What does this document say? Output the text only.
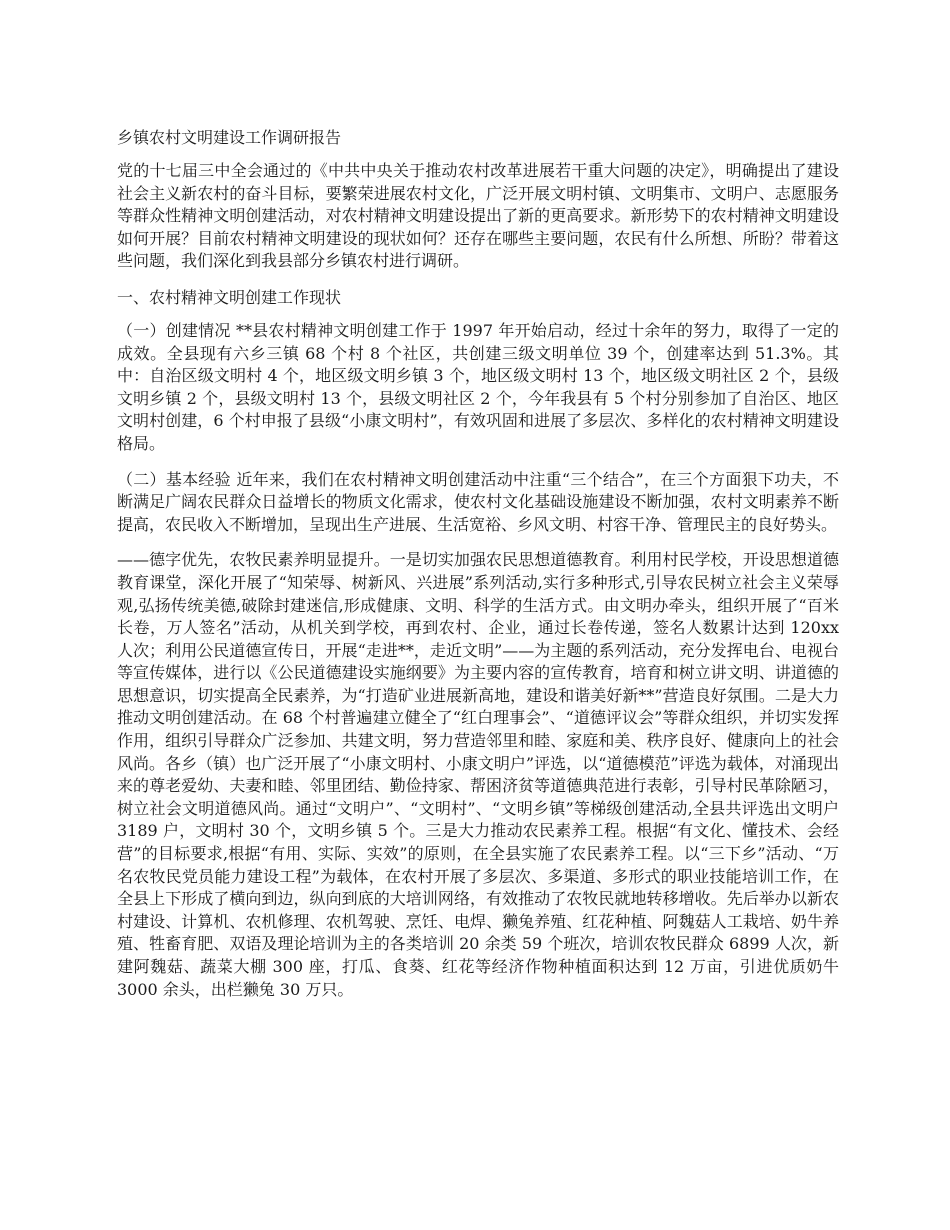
乡镇农村文明建设工作调研报告

党的十七届三中全会通过的《中共中央关于推动农村改革进展若干重大问题的决定》，明确提出了建设社会主义新农村的奋斗目标，要繁荣进展农村文化，广泛开展文明村镇、文明集市、文明户、志愿服务等群众性精神文明创建活动，对农村精神文明建设提出了新的更高要求。新形势下的农村精神文明建设如何开展？目前农村精神文明建设的现状如何？还存在哪些主要问题，农民有什么所想、所盼？带着这些问题，我们深化到我县部分乡镇农村进行调研。

一、农村精神文明创建工作现状

（一）创建情况 **县农村精神文明创建工作于 1997 年开始启动，经过十余年的努力，取得了一定的成效。全县现有六乡三镇 68 个村 8 个社区，共创建三级文明单位 39 个，创建率达到 51.3%。其中：自治区级文明村 4 个，地区级文明乡镇 3 个，地区级文明村 13 个，地区级文明社区 2 个，县级文明乡镇 2 个，县级文明村 13 个，县级文明社区 2 个，今年我县有 5 个村分别参加了自治区、地区文明村创建，6 个村申报了县级“小康文明村”，有效巩固和进展了多层次、多样化的农村精神文明建设格局。

（二）基本经验 近年来，我们在农村精神文明创建活动中注重“三个结合”，在三个方面狠下功夫，不断满足广阔农民群众日益增长的物质文化需求，使农村文化基础设施建设不断加强，农村文明素养不断提高，农民收入不断增加，呈现出生产进展、生活宽裕、乡风文明、村容干净、管理民主的良好势头。

——德字优先，农牧民素养明显提升。一是切实加强农民思想道德教育。利用村民学校，开设思想道德教育课堂，深化开展了“知荣辱、树新风、兴进展”系列活动,实行多种形式,引导农民树立社会主义荣辱观,弘扬传统美德,破除封建迷信,形成健康、文明、科学的生活方式。由文明办牵头，组织开展了“百米长卷，万人签名”活动，从机关到学校，再到农村、企业，通过长卷传递，签名人数累计达到 120xx 人次；利用公民道德宣传日，开展“走进**，走近文明”——为主题的系列活动，充分发挥电台、电视台等宣传媒体，进行以《公民道德建设实施纲要》为主要内容的宣传教育，培育和树立讲文明、讲道德的思想意识，切实提高全民素养，为“打造矿业进展新高地，建设和谐美好新**”营造良好氛围。二是大力推动文明创建活动。在 68 个村普遍建立健全了“红白理事会”、“道德评议会”等群众组织，并切实发挥作用，组织引导群众广泛参加、共建文明，努力营造邻里和睦、家庭和美、秩序良好、健康向上的社会风尚。各乡（镇）也广泛开展了“小康文明村、小康文明户”评选，以“道德模范”评选为载体，对涌现出来的尊老爱幼、夫妻和睦、邻里团结、勤俭持家、帮困济贫等道德典范进行表彰，引导村民革除陋习，树立社会文明道德风尚。通过“文明户”、“文明村”、“文明乡镇”等梯级创建活动,全县共评选出文明户 3189 户，文明村 30 个，文明乡镇 5 个。三是大力推动农民素养工程。根据“有文化、懂技术、会经营”的目标要求,根据“有用、实际、实效”的原则，在全县实施了农民素养工程。以“三下乡”活动、“万名农牧民党员能力建设工程”为载体，在农村开展了多层次、多渠道、多形式的职业技能培训工作，在全县上下形成了横向到边，纵向到底的大培训网络，有效推动了农牧民就地转移增收。先后举办以新农村建设、计算机、农机修理、农机驾驶、烹饪、电焊、獭兔养殖、红花种植、阿魏菇人工栽培、奶牛养殖、牲畜育肥、双语及理论培训为主的各类培训 20 余类 59 个班次，培训农牧民群众 6899 人次，新建阿魏菇、蔬菜大棚 300 座，打瓜、食葵、红花等经济作物种植面积达到 12 万亩，引进优质奶牛 3000 余头，出栏獭兔 30 万只。
